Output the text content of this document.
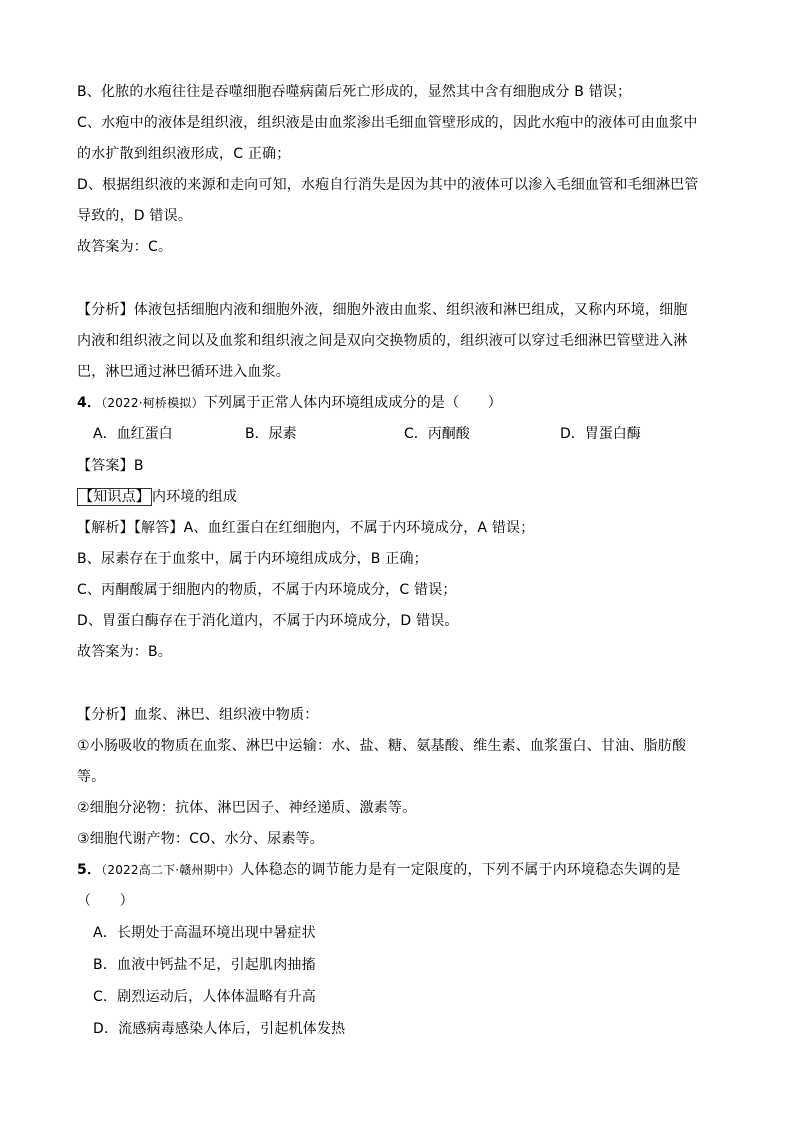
B、化脓的水疱往往是吞噬细胞吞噬病菌后死亡形成的，显然其中含有细胞成分 B 错误；
C、水疱中的液体是组织液，组织液是由血浆渗出毛细血管壁形成的，因此水疱中的液体可由血浆中
的水扩散到组织液形成，C 正确；
D、根据组织液的来源和走向可知，水疱自行消失是因为其中的液体可以渗入毛细血管和毛细淋巴管
导致的，D 错误。
故答案为：C。
【分析】体液包括细胞内液和细胞外液，细胞外液由血浆、组织液和淋巴组成，又称内环境，细胞
内液和组织液之间以及血浆和组织液之间是双向交换物质的，组织液可以穿过毛细淋巴管壁进入淋
巴，淋巴通过淋巴循环进入血浆。
4．（2022·柯桥模拟）下列属于正常人体内环境组成成分的是（　　）
A．血红蛋白	B．尿素	C．丙酮酸	D．胃蛋白酶
【答案】B
【知识点】 内环境的组成
【解析】【解答】A、血红蛋白在红细胞内，不属于内环境成分，A 错误；
B、尿素存在于血浆中，属于内环境组成成分，B 正确；
C、丙酮酸属于细胞内的物质，不属于内环境成分，C 错误；
D、胃蛋白酶存在于消化道内，不属于内环境成分，D 错误。
故答案为：B。
【分析】血浆、淋巴、组织液中物质：
①小肠吸收的物质在血浆、淋巴中运输：水、盐、糖、氨基酸、维生素、血浆蛋白、甘油、脂肪酸
等。
②细胞分泌物：抗体、淋巴因子、神经递质、激素等。
③细胞代谢产物：CO、水分、尿素等。
5．（2022高二下·赣州期中）人体稳态的调节能力是有一定限度的，下列不属于内环境稳态失调的是
（　　）
A．长期处于高温环境出现中暑症状
B．血液中钙盐不足，引起肌肉抽搐
C．剧烈运动后，人体体温略有升高
D．流感病毒感染人体后，引起机体发热
